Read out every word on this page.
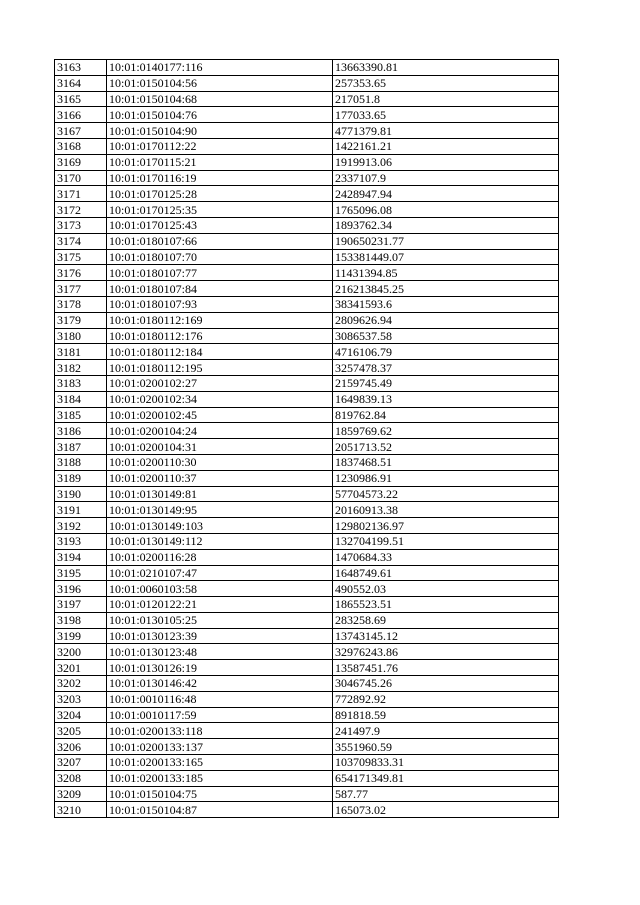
3163	10:01:0140177:116	13663390.81
3164	10:01:0150104:56	257353.65
3165	10:01:0150104:68	217051.8
3166	10:01:0150104:76	177033.65
3167	10:01:0150104:90	4771379.81
3168	10:01:0170112:22	1422161.21
3169	10:01:0170115:21	1919913.06
3170	10:01:0170116:19	2337107.9
3171	10:01:0170125:28	2428947.94
3172	10:01:0170125:35	1765096.08
3173	10:01:0170125:43	1893762.34
3174	10:01:0180107:66	190650231.77
3175	10:01:0180107:70	153381449.07
3176	10:01:0180107:77	11431394.85
3177	10:01:0180107:84	216213845.25
3178	10:01:0180107:93	38341593.6
3179	10:01:0180112:169	2809626.94
3180	10:01:0180112:176	3086537.58
3181	10:01:0180112:184	4716106.79
3182	10:01:0180112:195	3257478.37
3183	10:01:0200102:27	2159745.49
3184	10:01:0200102:34	1649839.13
3185	10:01:0200102:45	819762.84
3186	10:01:0200104:24	1859769.62
3187	10:01:0200104:31	2051713.52
3188	10:01:0200110:30	1837468.51
3189	10:01:0200110:37	1230986.91
3190	10:01:0130149:81	57704573.22
3191	10:01:0130149:95	20160913.38
3192	10:01:0130149:103	129802136.97
3193	10:01:0130149:112	132704199.51
3194	10:01:0200116:28	1470684.33
3195	10:01:0210107:47	1648749.61
3196	10:01:0060103:58	490552.03
3197	10:01:0120122:21	1865523.51
3198	10:01:0130105:25	283258.69
3199	10:01:0130123:39	13743145.12
3200	10:01:0130123:48	32976243.86
3201	10:01:0130126:19	13587451.76
3202	10:01:0130146:42	3046745.26
3203	10:01:0010116:48	772892.92
3204	10:01:0010117:59	891818.59
3205	10:01:0200133:118	241497.9
3206	10:01:0200133:137	3551960.59
3207	10:01:0200133:165	103709833.31
3208	10:01:0200133:185	654171349.81
3209	10:01:0150104:75	587.77
3210	10:01:0150104:87	165073.02
